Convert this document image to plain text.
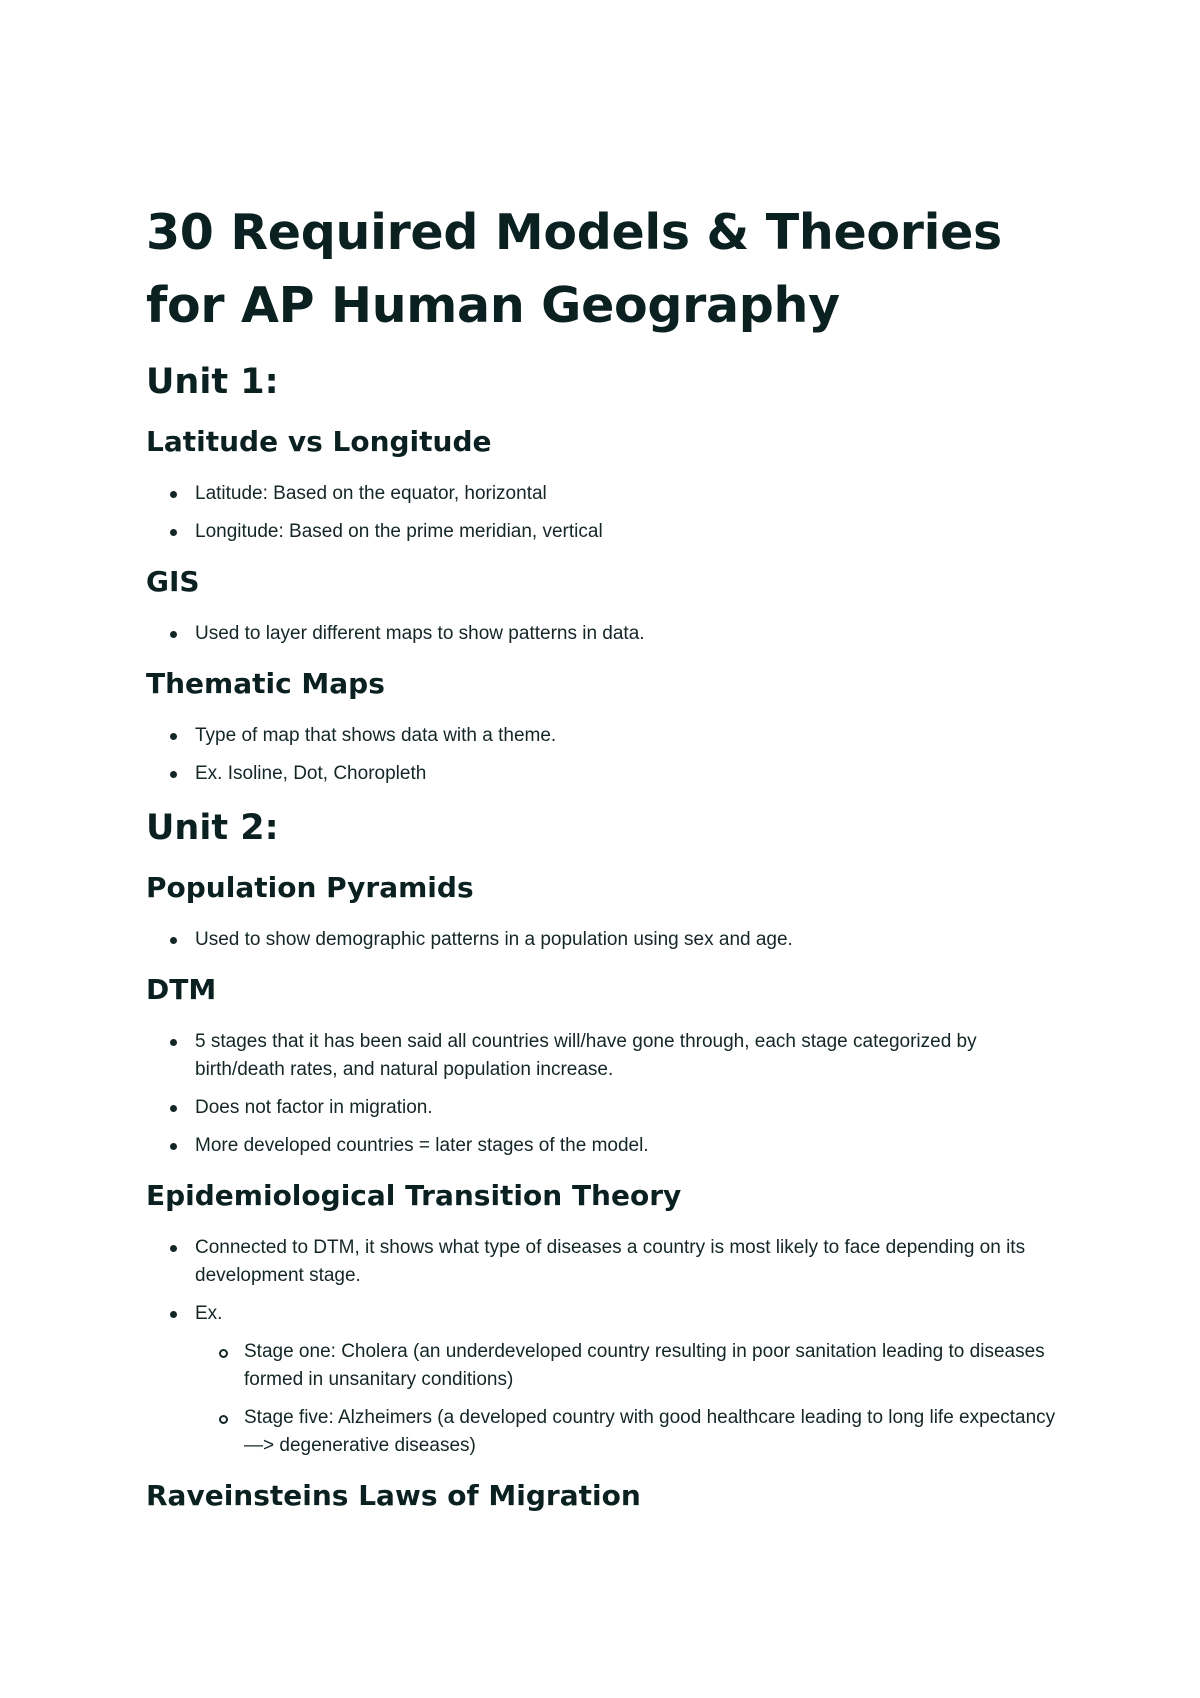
30 Required Models & Theories for AP Human Geography
Unit 1:
Latitude vs Longitude
Latitude: Based on the equator, horizontal
Longitude: Based on the prime meridian, vertical
GIS
Used to layer different maps to show patterns in data.
Thematic Maps
Type of map that shows data with a theme.
Ex. Isoline, Dot, Choropleth
Unit 2:
Population Pyramids
Used to show demographic patterns in a population using sex and age.
DTM
5 stages that it has been said all countries will/have gone through, each stage categorized by birth/death rates, and natural population increase.
Does not factor in migration.
More developed countries = later stages of the model.
Epidemiological Transition Theory
Connected to DTM, it shows what type of diseases a country is most likely to face depending on its development stage.
Ex.
Stage one: Cholera (an underdeveloped country resulting in poor sanitation leading to diseases formed in unsanitary conditions)
Stage five: Alzheimers (a developed country with good healthcare leading to long life expectancy —> degenerative diseases)
Raveinsteins Laws of Migration
